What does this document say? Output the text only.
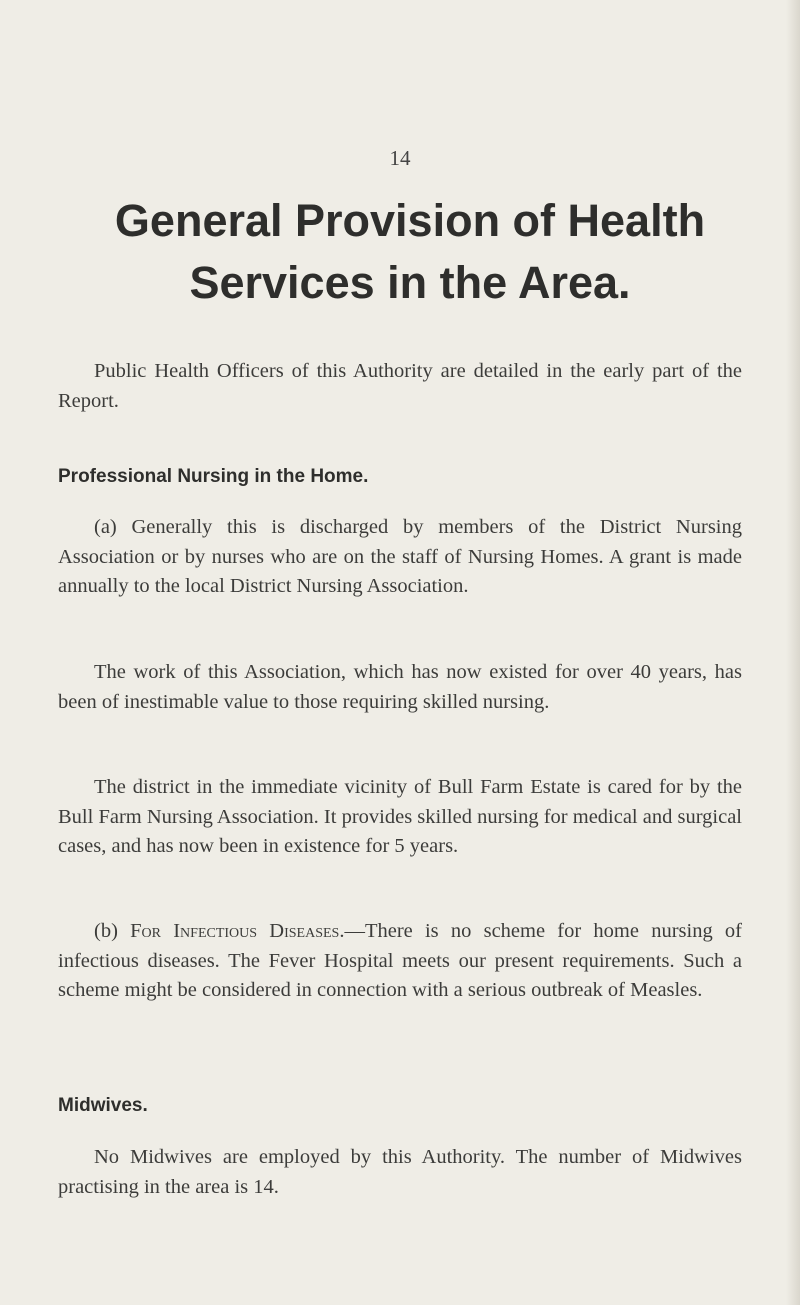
14
General Provision of Health
Services in the Area.

Public Health Officers of this Authority are detailed in the early part of the Report.

Professional Nursing in the Home.

(a) Generally this is discharged by members of the District Nursing Association or by nurses who are on the staff of Nursing Homes. A grant is made annually to the local District Nursing Association.

The work of this Association, which has now existed for over 40 years, has been of inestimable value to those requiring skilled nursing.

The district in the immediate vicinity of Bull Farm Estate is cared for by the Bull Farm Nursing Association. It provides skilled nursing for medical and surgical cases, and has now been in existence for 5 years.

(b) For Infectious Diseases.—There is no scheme for home nursing of infectious diseases. The Fever Hospital meets our present requirements. Such a scheme might be considered in connection with a serious outbreak of Measles.

Midwives.

No Midwives are employed by this Authority. The number of Midwives practising in the area is 14.
